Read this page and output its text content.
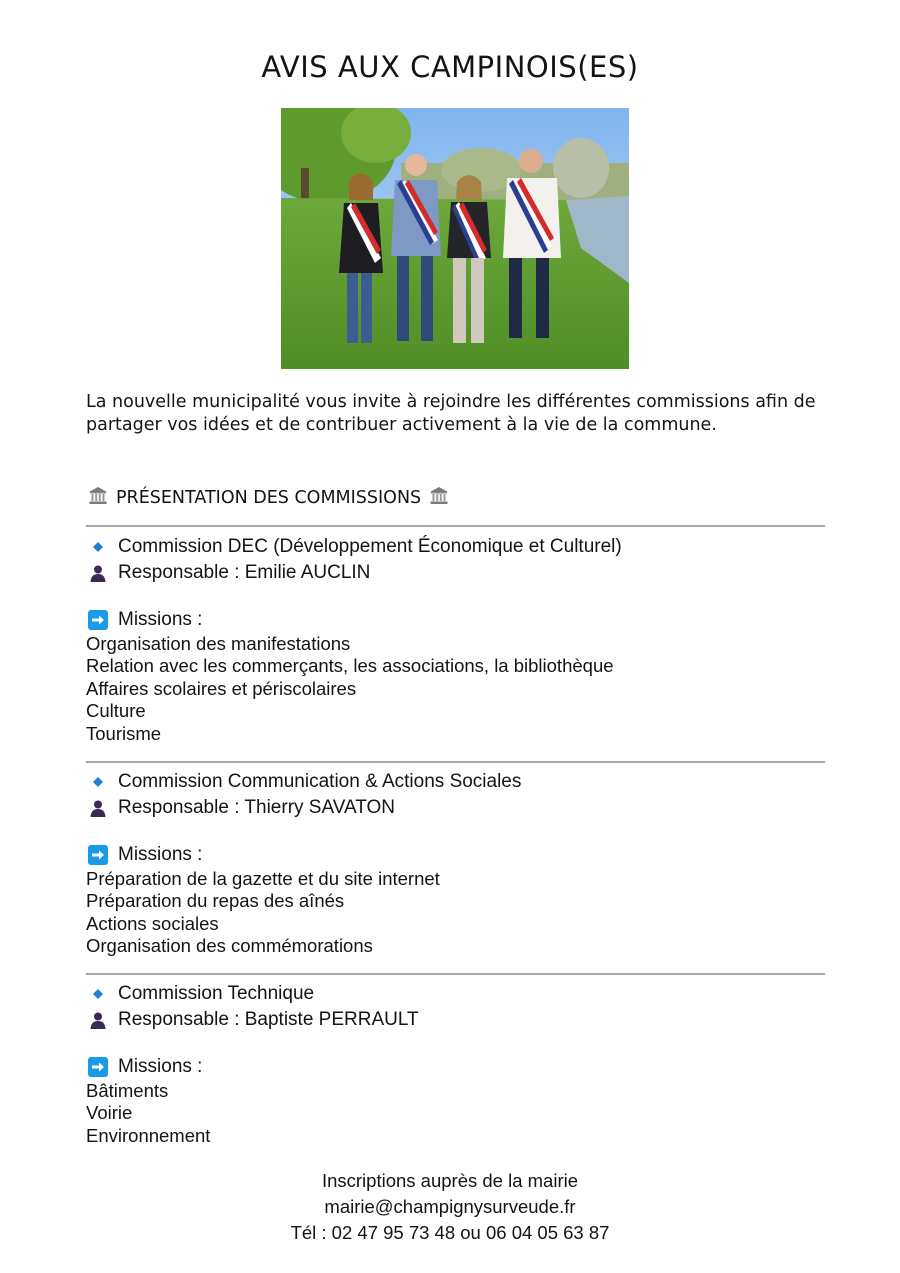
AVIS AUX CAMPINOIS(ES)
La nouvelle municipalité vous invite à rejoindre les différentes commissions afin de partager vos idées et de contribuer activement à la vie de la commune.
PRÉSENTATION DES COMMISSIONS
Commission DEC (Développement Économique et Culturel)
Responsable : Emilie AUCLIN
Missions :
Organisation des manifestations
Relation avec les commerçants, les associations, la bibliothèque
Affaires scolaires et périscolaires
Culture
Tourisme
Commission Communication & Actions Sociales
Responsable : Thierry SAVATON
Missions :
Préparation de la gazette et du site internet
Préparation du repas des aînés
Actions sociales
Organisation des commémorations
Commission Technique
Responsable : Baptiste PERRAULT
Missions :
Bâtiments
Voirie
Environnement
Inscriptions auprès de la mairie
mairie@champignysurveude.fr
Tél : 02 47 95 73 48 ou 06 04 05 63 87
